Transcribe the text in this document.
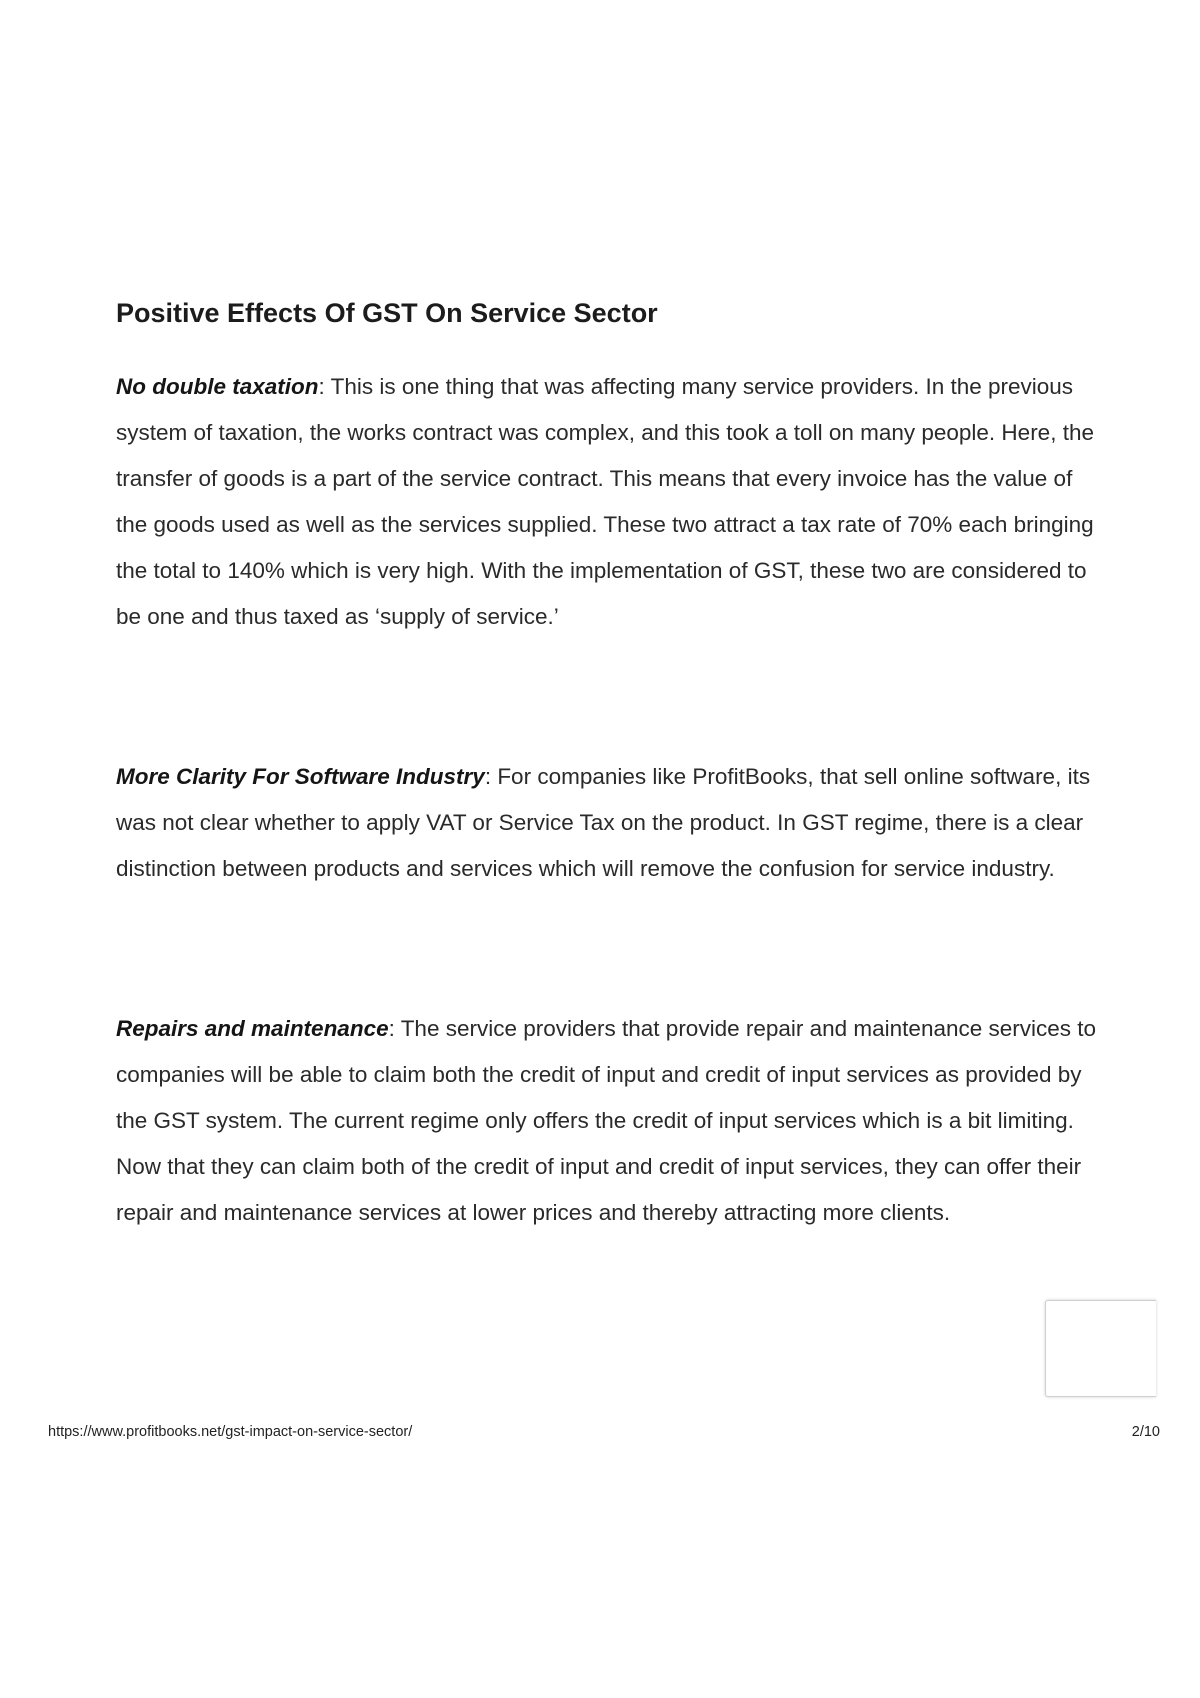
Positive Effects Of GST On Service Sector

No double taxation: This is one thing that was affecting many service providers. In the previous system of taxation, the works contract was complex, and this took a toll on many people. Here, the transfer of goods is a part of the service contract. This means that every invoice has the value of the goods used as well as the services supplied. These two attract a tax rate of 70% each bringing the total to 140% which is very high. With the implementation of GST, these two are considered to be one and thus taxed as ‘supply of service.’

More Clarity For Software Industry: For companies like ProfitBooks, that sell online software, its was not clear whether to apply VAT or Service Tax on the product. In GST regime, there is a clear distinction between products and services which will remove the confusion for service industry.

Repairs and maintenance: The service providers that provide repair and maintenance services to companies will be able to claim both the credit of input and credit of input services as provided by the GST system. The current regime only offers the credit of input services which is a bit limiting. Now that they can claim both of the credit of input and credit of input services, they can offer their repair and maintenance services at lower prices and thereby attracting more clients.

https://www.profitbooks.net/gst-impact-on-service-sector/	2/10
